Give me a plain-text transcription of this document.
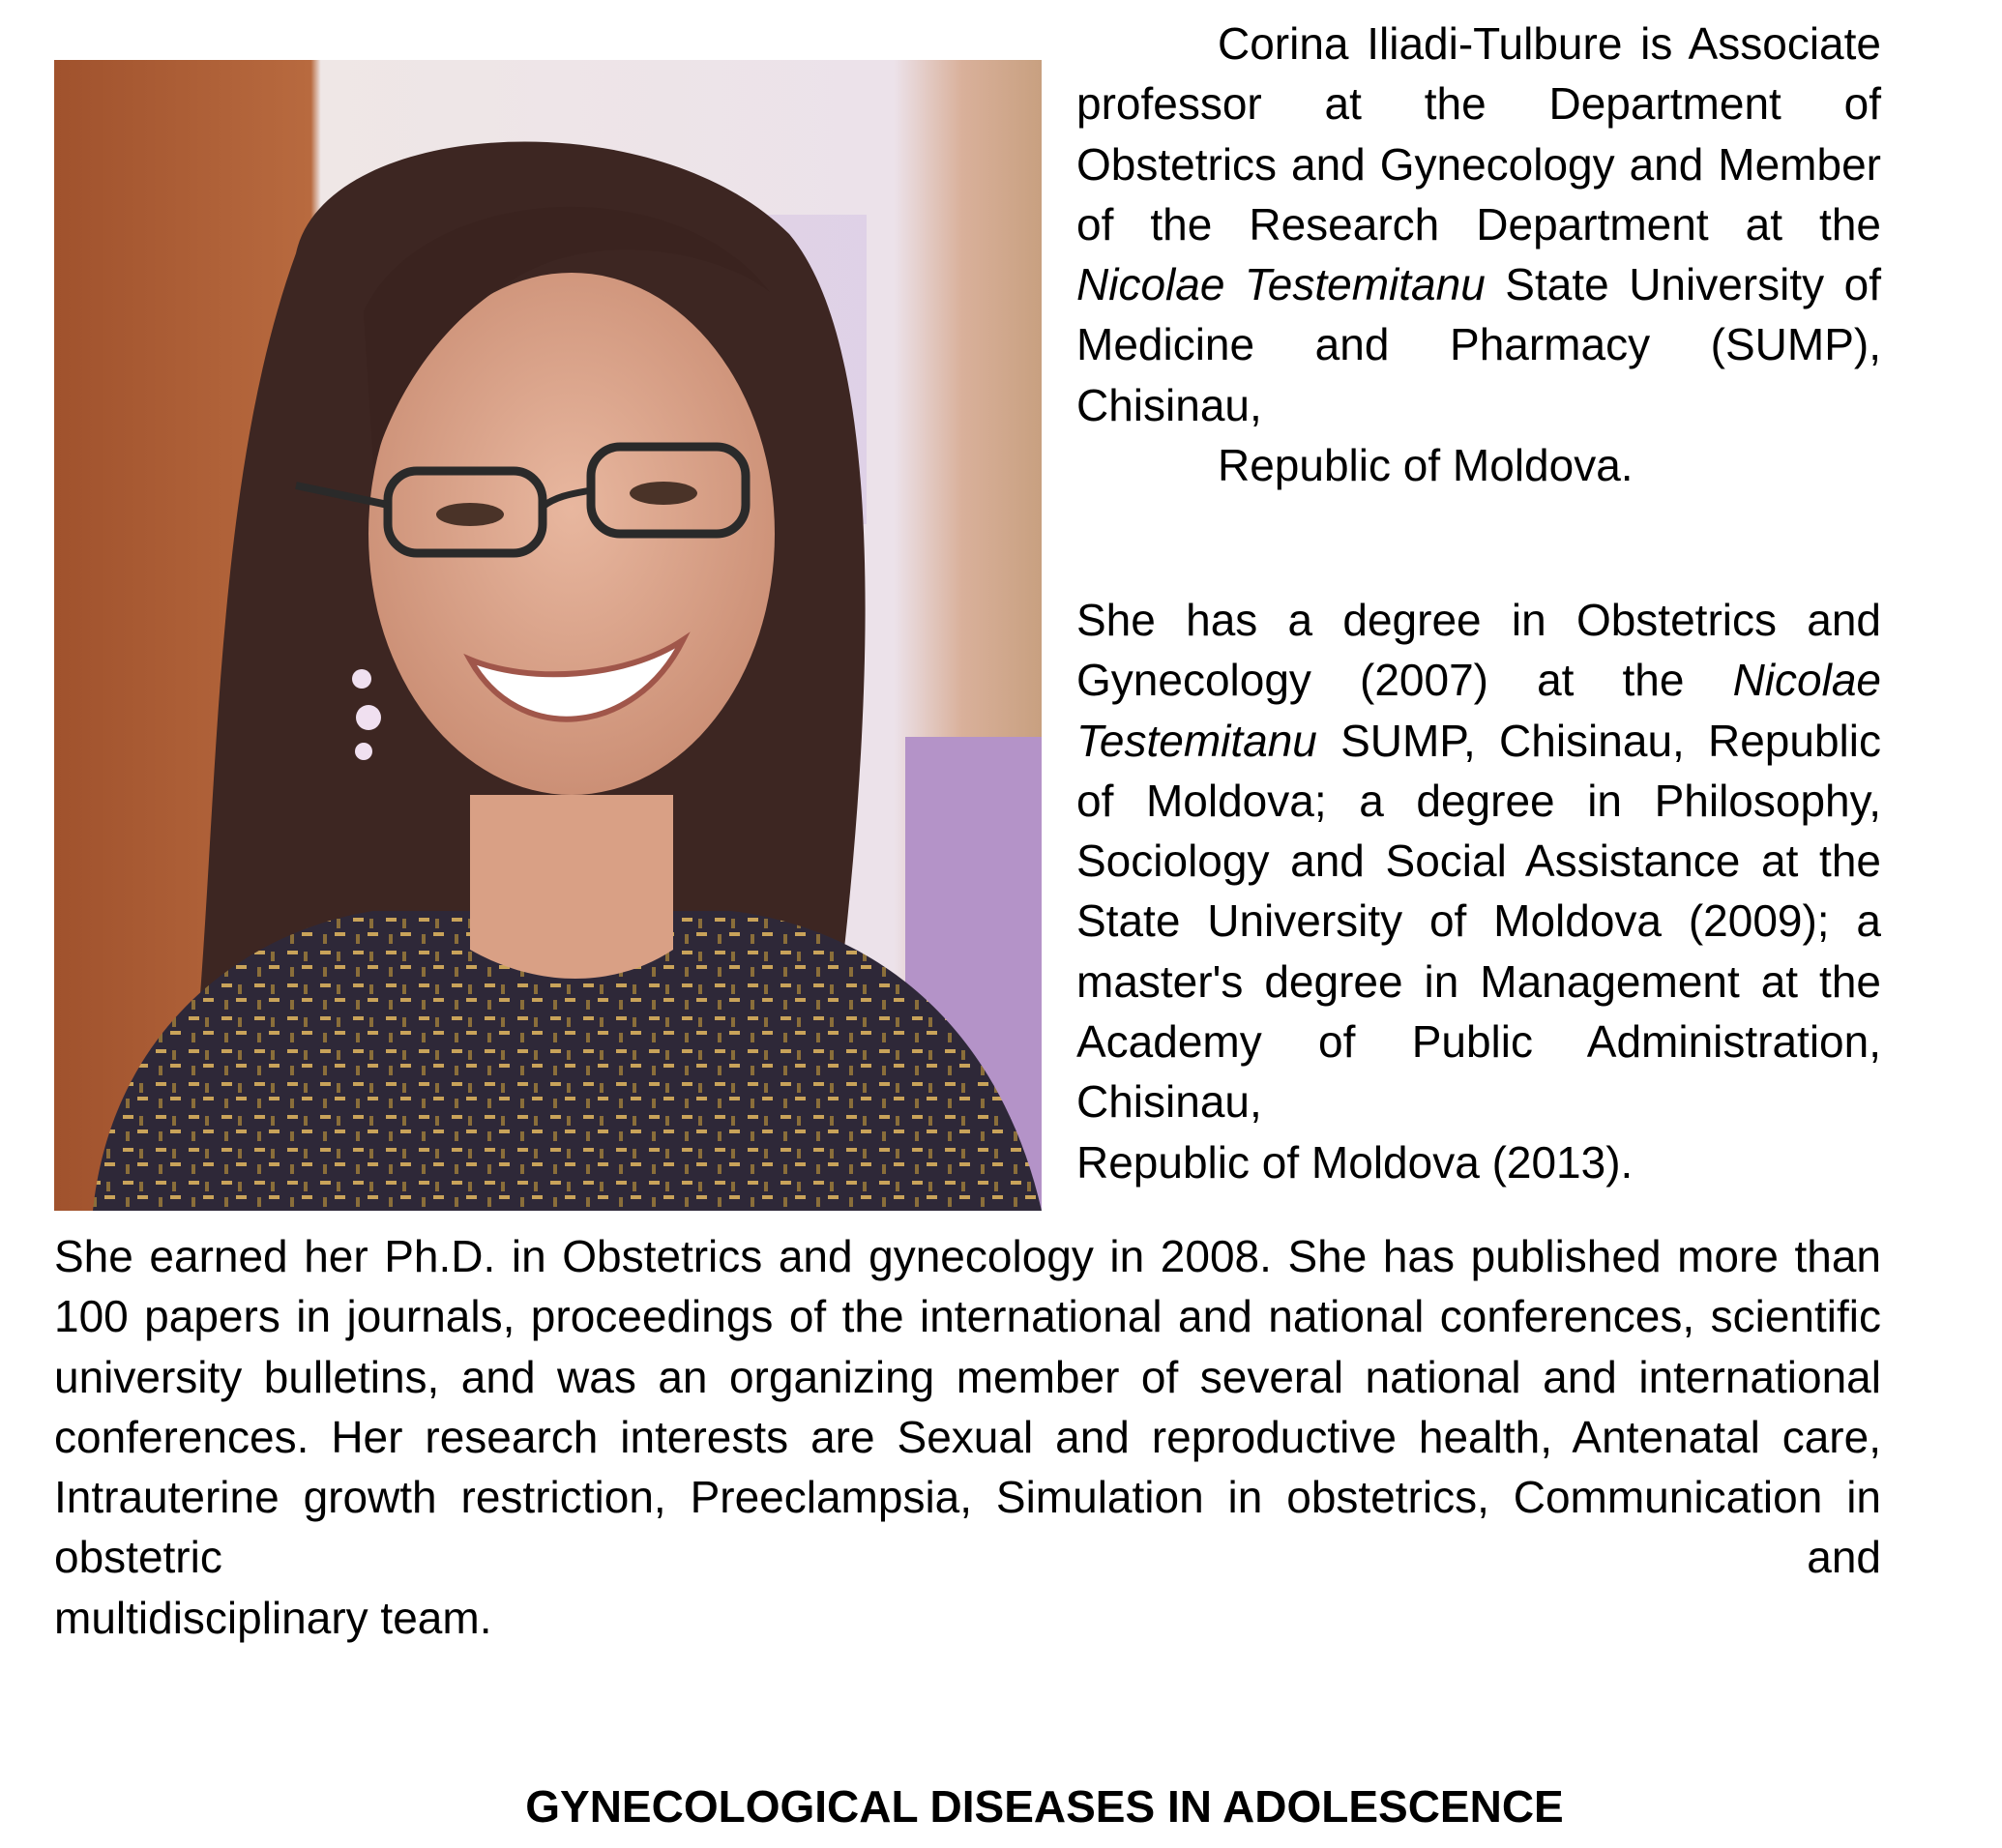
Corina Iliadi-Tulbure is Associate professor at the Department of Obstetrics and Gynecology and Member of the Research Department at the Nicolae Testemitanu State University of Medicine and Pharmacy (SUMP), Chisinau,
Republic of Moldova.

She has a degree in Obstetrics and Gynecology (2007) at the Nicolae Testemitanu SUMP, Chisinau, Republic of Moldova; a degree in Philosophy, Sociology and Social Assistance at the State University of Moldova (2009); a master's degree in Management at the Academy of Public Administration, Chisinau,
Republic of Moldova (2013).

She earned her Ph.D. in Obstetrics and gynecology in 2008. She has published more than 100 papers in journals, proceedings of the international and national conferences, scientific university bulletins, and was an organizing member of several national and international conferences. Her research interests are Sexual and reproductive health, Antenatal care, Intrauterine growth restriction, Preeclampsia, Simulation in obstetrics, Communication in obstetric and
multidisciplinary team.

GYNECOLOGICAL DISEASES IN ADOLESCENCE
